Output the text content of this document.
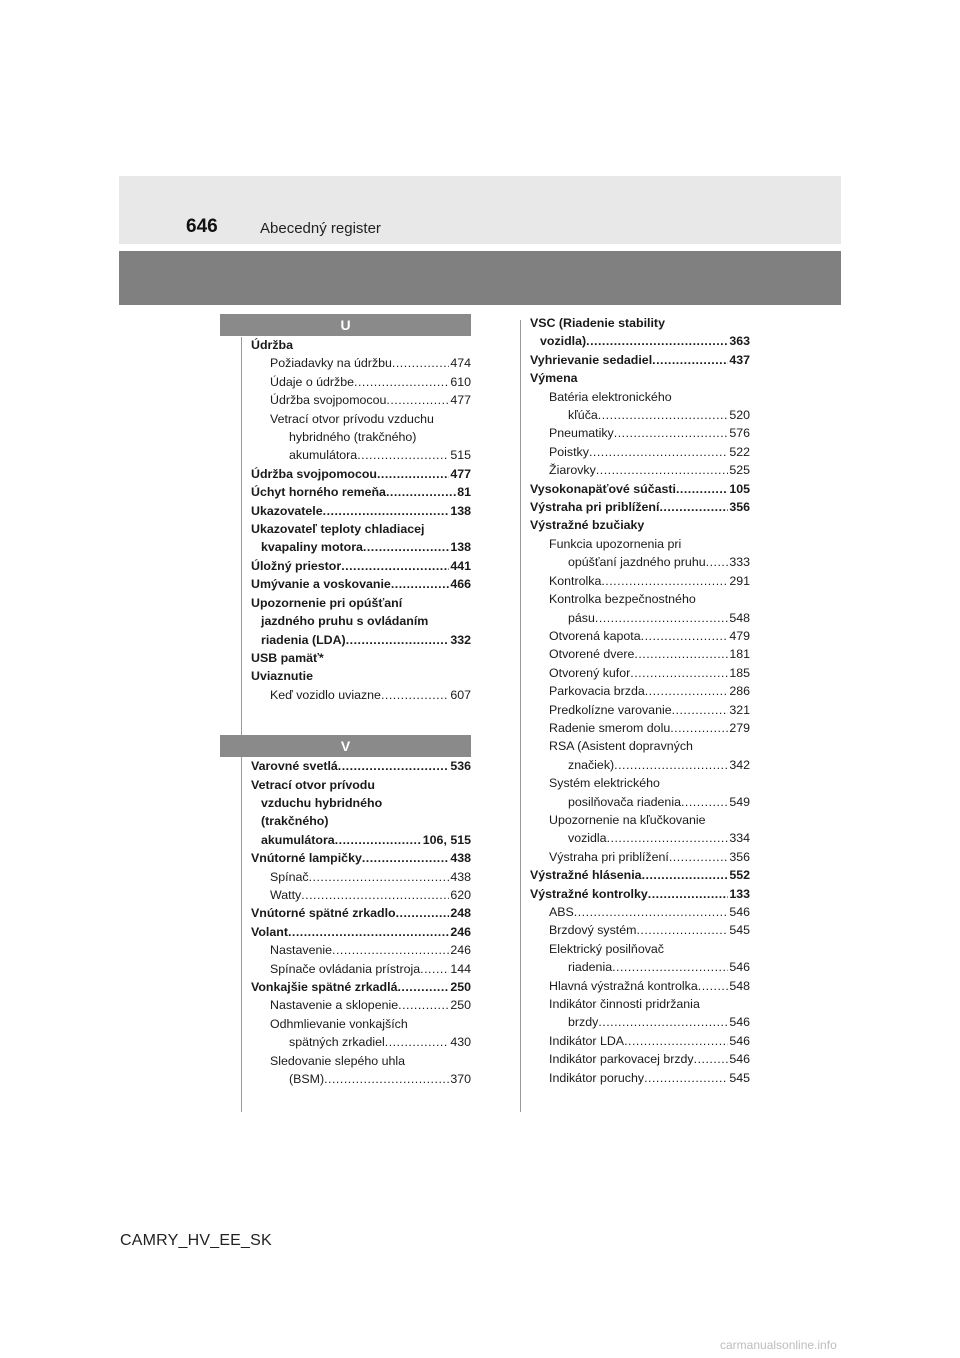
646	Abecedný register
U
Údržba
Požiadavky na údržbu .....	474
Údaje o údržbe .....	610
Údržba svojpomocou .....	477
Vetrací otvor prívodu vzduchu
hybridného (trakčného)
akumulátora .....	515
Údržba svojpomocou .....	477
Úchyt horného remeňa .....	81
Ukazovatele .....	138
Ukazovateľ teploty chladiacej
kvapaliny motora .....	138
Úložný priestor .....	441
Umývanie a voskovanie .....	466
Upozornenie pri opúšťaní
jazdného pruhu s ovládaním
riadenia (LDA) .....	332
USB pamäť*
Uviaznutie
Keď vozidlo uviazne .....	607
V
Varovné svetlá .....	536
Vetrací otvor prívodu
vzduchu hybridného
(trakčného)
akumulátora .....	106, 515
Vnútorné lampičky .....	438
Spínač .....	438
Watty .....	620
Vnútorné spätné zrkadlo .....	248
Volant .....	246
Nastavenie .....	246
Spínače ovládania prístroja ..... 144
Vonkajšie spätné zrkadlá .....	250
Nastavenie a sklopenie .....	250
Odhmlievanie vonkajších
spätných zrkadiel .....	430
Sledovanie slepého uhla
(BSM) .....	370
VSC (Riadenie stability
vozidla) .....	363
Vyhrievanie sedadiel .....	437
Výmena
Batéria elektronického
kľúča .....	520
Pneumatiky .....	576
Poistky .....	522
Žiarovky .....	525
Vysokonapäťové súčasti .....	105
Výstraha pri priblížení .....	356
Výstražné bzučiaky
Funkcia upozornenia pri
opúšťaní jazdného pruhu ..... 333
Kontrolka .....	291
Kontrolka bezpečnostného
pásu .....	548
Otvorená kapota .....	479
Otvorené dvere .....	181
Otvorený kufor .....	185
Parkovacia brzda .....	286
Predkolízne varovanie .....	321
Radenie smerom dolu .....	279
RSA (Asistent dopravných
značiek) .....	342
Systém elektrického
posilňovača riadenia .....	549
Upozornenie na kľučkovanie
vozidla .....	334
Výstraha pri priblížení .....	356
Výstražné hlásenia .....	552
Výstražné kontrolky .....	133
ABS .....	546
Brzdový systém .....	545
Elektrický posilňovač
riadenia .....	546
Hlavná výstražná kontrolka .....	548
Indikátor činnosti pridržania
brzdy .....	546
Indikátor LDA .....	546
Indikátor parkovacej brzdy .....	546
Indikátor poruchy .....	545
CAMRY_HV_EE_SK
carmanualsonline.info
